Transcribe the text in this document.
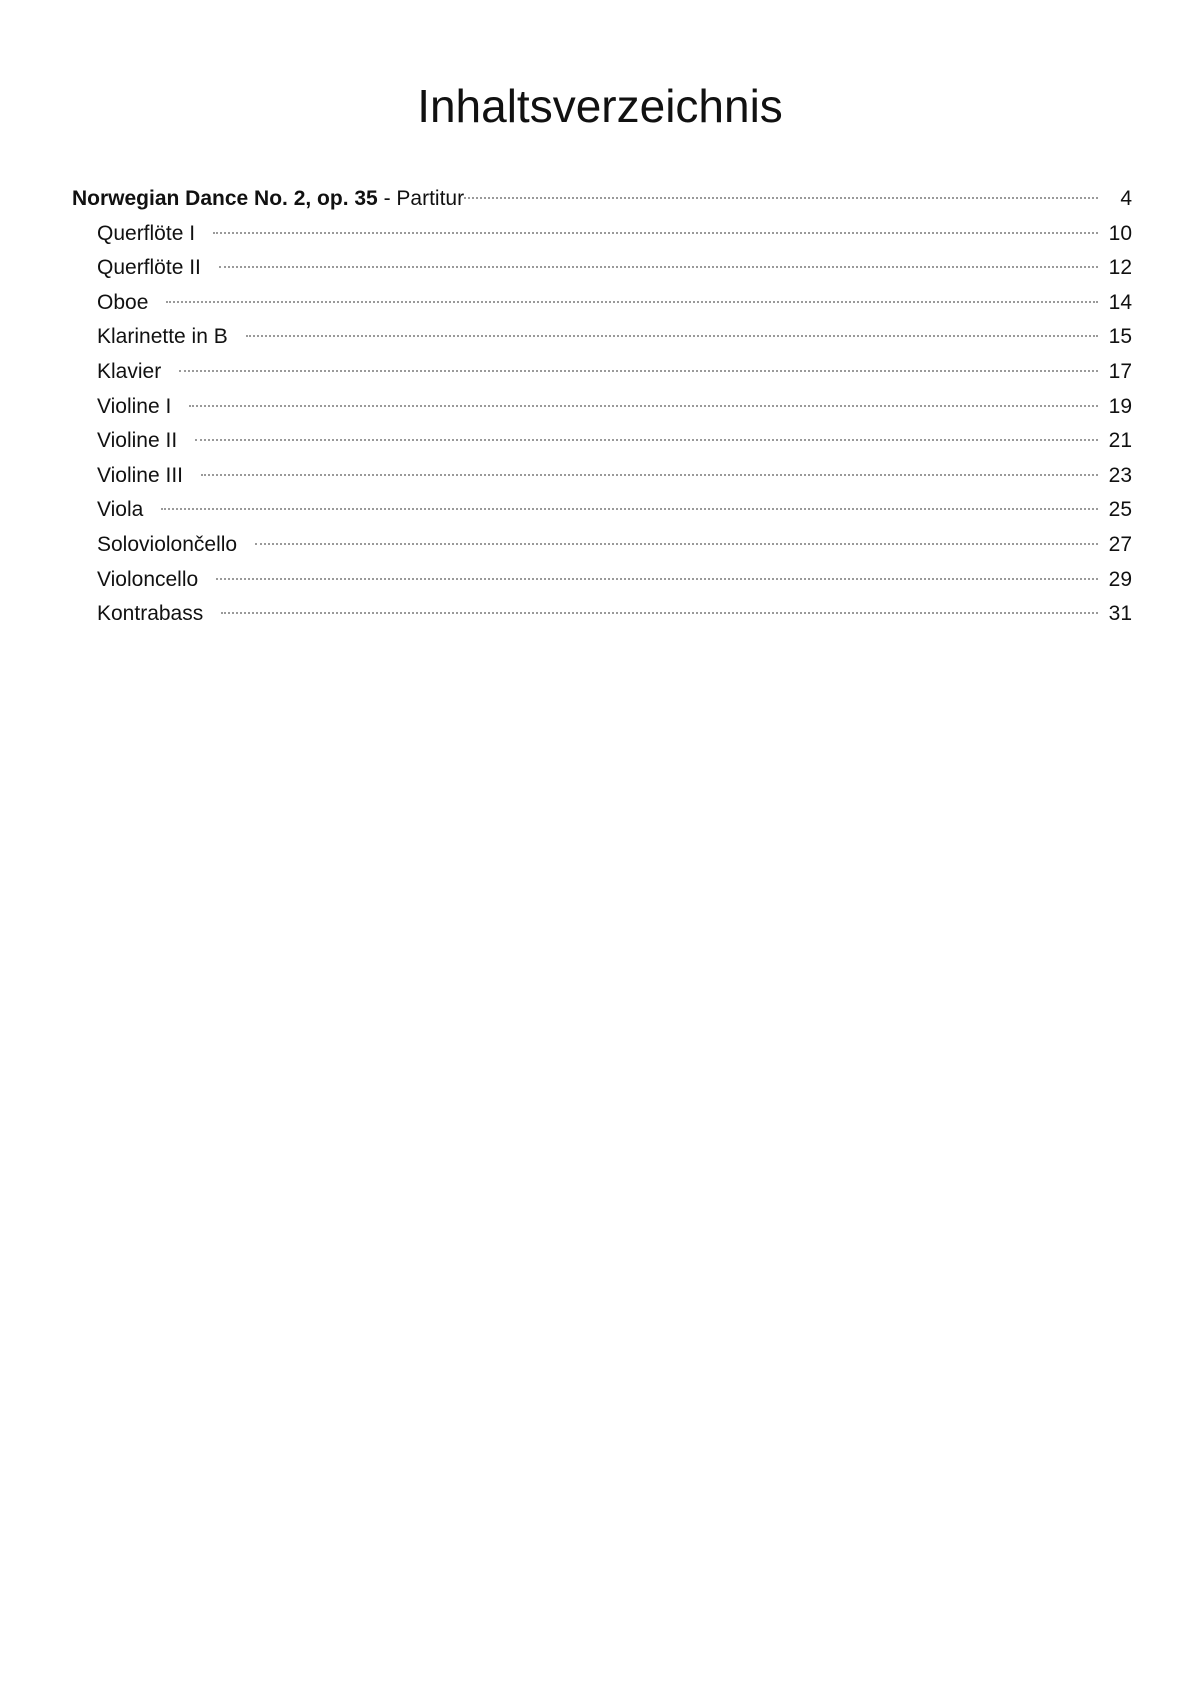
Inhaltsverzeichnis
Norwegian Dance No. 2, op. 35 - Partitur	4
Querflöte I	10
Querflöte II	12
Oboe	14
Klarinette in B	15
Klavier	17
Violine I	19
Violine II	21
Violine III	23
Viola	25
Soloviolončello	27
Violoncello	29
Kontrabass	31
